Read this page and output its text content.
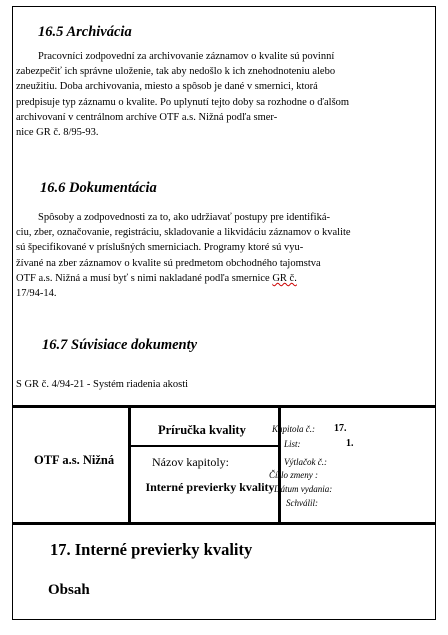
16.5 Archivácia
Pracovníci zodpovední za archivovanie záznamov o kvalite sú povinní
zabezpečiť ich správne uloženie, tak aby nedošlo k ich znehodnoteniu alebo
zneužitiu. Doba archivovania, miesto a spôsob je dané v smernici, ktorá
predpisuje typ záznamu o kvalite. Po uplynutí tejto doby sa rozhodne o ďalšom
archivovaní v centrálnom archíve OTF a.s. Nižná podľa smer-
nice GR č. 8/95-93.
16.6 Dokumentácia
Spôsoby a zodpovednosti za to, ako udržiavať postupy pre identifiká-
ciu, zber, označovanie, registráciu, skladovanie a likvidáciu záznamov o kvalite
sú špecifikované v príslušných smerniciach. Programy ktoré sú vyu-
žívané na zber záznamov o kvalite sú predmetom obchodného tajomstva
OTF a.s. Nižná a musí byť s nimi nakladané podľa smernice GR č.
17/94-14.
16.7 Súvisiace dokumenty
S GR č. 4/94-21 - Systém riadenia akosti
OTF a.s. Nižná
Príručka kvality
Názov kapitoly:
Interné previerky kvality
Kapitola č.: 17.
List:	1.
Výtlačok č.:
Číslo zmeny :
Dátum vydania:
Schválil:
17. Interné previerky kvality
Obsah
